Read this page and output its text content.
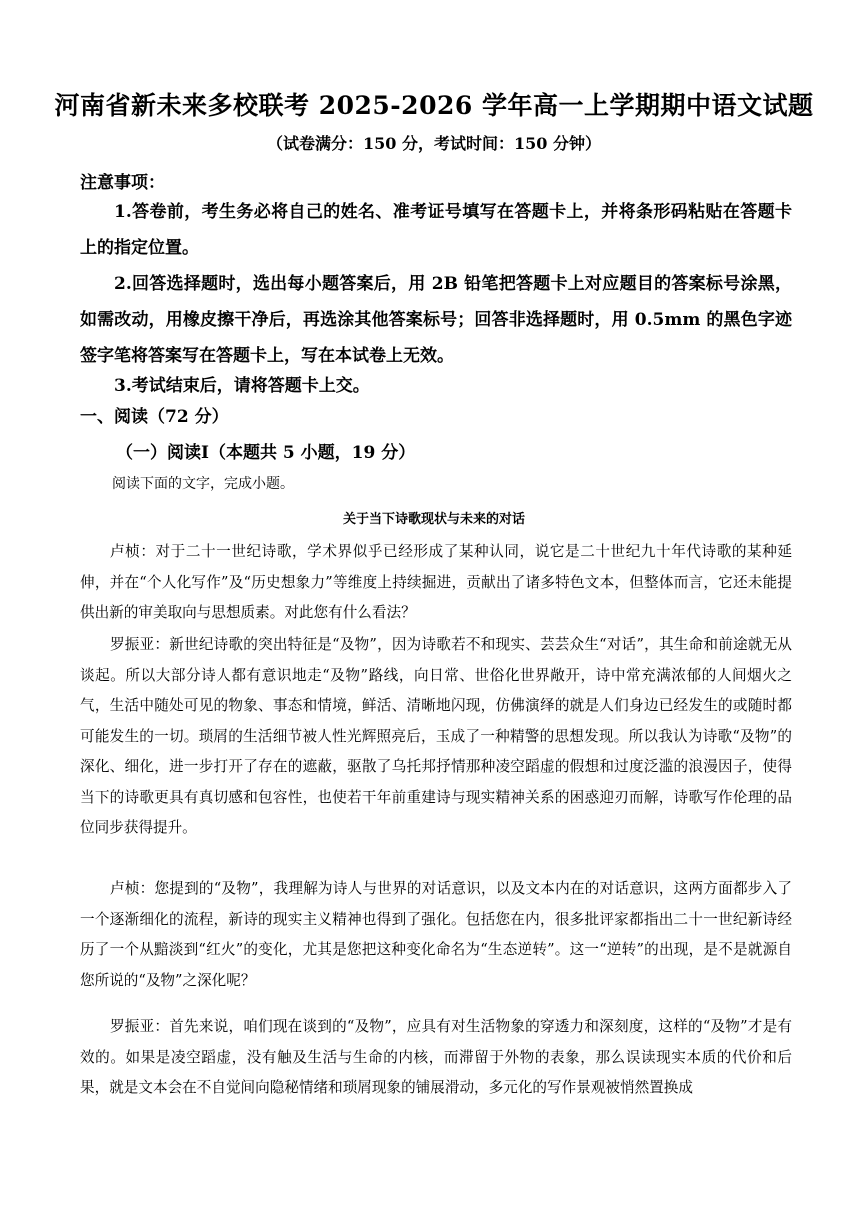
河南省新未来多校联考 2025-2026 学年高一上学期期中语文试题
（试卷满分：150 分，考试时间：150 分钟）
注意事项：
1.答卷前，考生务必将自己的姓名、准考证号填写在答题卡上，并将条形码粘贴在答题卡上的指定位置。
2.回答选择题时，选出每小题答案后，用 2B 铅笔把答题卡上对应题目的答案标号涂黑，如需改动，用橡皮擦干净后，再选涂其他答案标号；回答非选择题时，用 0.5mm 的黑色字迹签字笔将答案写在答题卡上，写在本试卷上无效。
3.考试结束后，请将答题卡上交。
一、阅读（72 分）
（一）阅读Ⅰ（本题共 5 小题，19 分）
阅读下面的文字，完成小题。
关于当下诗歌现状与未来的对话
卢桢：对于二十一世纪诗歌，学术界似乎已经形成了某种认同，说它是二十世纪九十年代诗歌的某种延伸，并在“个人化写作”及“历史想象力”等维度上持续掘进，贡献出了诸多特色文本，但整体而言，它还未能提供出新的审美取向与思想质素。对此您有什么看法？
罗振亚：新世纪诗歌的突出特征是“及物”，因为诗歌若不和现实、芸芸众生“对话”，其生命和前途就无从谈起。所以大部分诗人都有意识地走“及物”路线，向日常、世俗化世界敞开，诗中常充满浓郁的人间烟火之气，生活中随处可见的物象、事态和情境，鲜活、清晰地闪现，仿佛演绎的就是人们身边已经发生的或随时都可能发生的一切。琐屑的生活细节被人性光辉照亮后，玉成了一种精警的思想发现。所以我认为诗歌“及物”的深化、细化，进一步打开了存在的遮蔽，驱散了乌托邦抒情那种凌空蹈虚的假想和过度泛滥的浪漫因子，使得当下的诗歌更具有真切感和包容性，也使若干年前重建诗与现实精神关系的困惑迎刃而解，诗歌写作伦理的品位同步获得提升。
卢桢：您提到的“及物”，我理解为诗人与世界的对话意识，以及文本内在的对话意识，这两方面都步入了一个逐渐细化的流程，新诗的现实主义精神也得到了强化。包括您在内，很多批评家都指出二十一世纪新诗经历了一个从黯淡到“红火”的变化，尤其是您把这种变化命名为“生态逆转”。这一“逆转”的出现，是不是就源自您所说的“及物”之深化呢？
罗振亚：首先来说，咱们现在谈到的“及物”，应具有对生活物象的穿透力和深刻度，这样的“及物”才是有效的。如果是凌空蹈虚，没有触及生活与生命的内核，而滞留于外物的表象，那么误读现实本质的代价和后果，就是文本会在不自觉间向隐秘情绪和琐屑现象的铺展滑动，多元化的写作景观被悄然置换成
